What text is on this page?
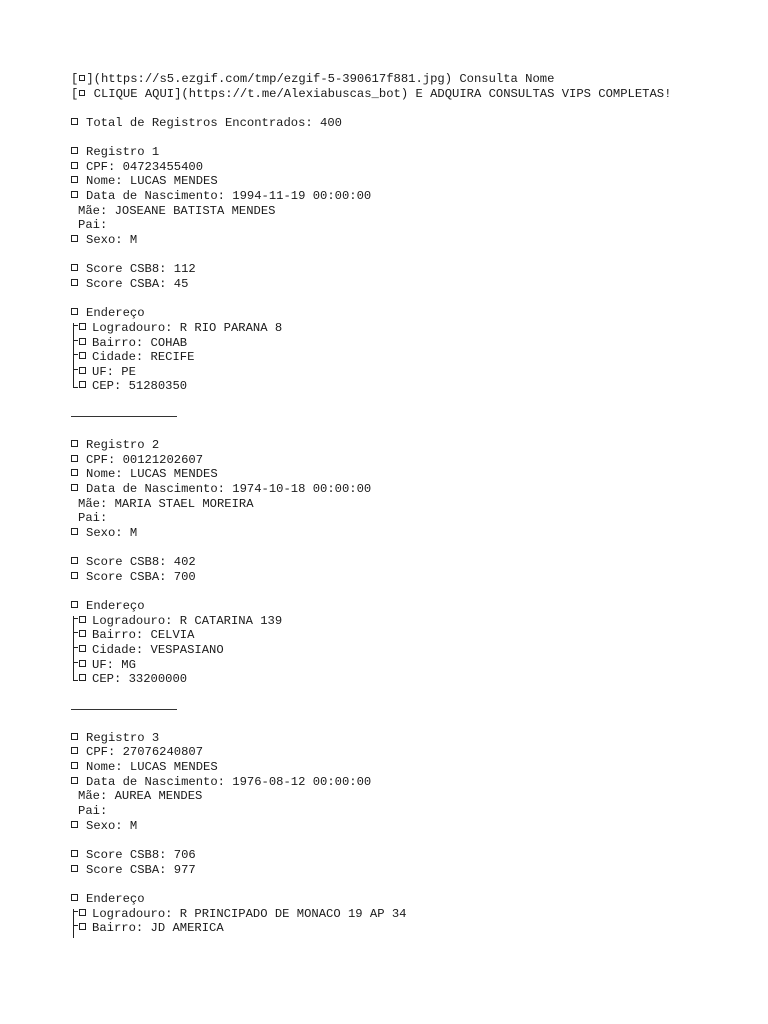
[ ](https://s5.ezgif.com/tmp/ezgif-5-390617f881.jpg) Consulta Nome
[ CLIQUE AQUI](https://t.me/Alexiabuscas_bot) E ADQUIRA CONSULTAS VIPS COMPLETAS!
Total de Registros Encontrados: 400
Registro 1
CPF: 04723455400
Nome: LUCAS MENDES
Data de Nascimento: 1994-11-19 00:00:00
Mãe: JOSEANE BATISTA MENDES
Pai:
Sexo: M
Score CSB8: 112
Score CSBA: 45
Endereço
Logradouro: R RIO PARANA 8
Bairro: COHAB
Cidade: RECIFE
UF: PE
CEP: 51280350
Registro 2
CPF: 00121202607
Nome: LUCAS MENDES
Data de Nascimento: 1974-10-18 00:00:00
Mãe: MARIA STAEL MOREIRA
Pai:
Sexo: M
Score CSB8: 402
Score CSBA: 700
Endereço
Logradouro: R CATARINA 139
Bairro: CELVIA
Cidade: VESPASIANO
UF: MG
CEP: 33200000
Registro 3
CPF: 27076240807
Nome: LUCAS MENDES
Data de Nascimento: 1976-08-12 00:00:00
Mãe: AUREA MENDES
Pai:
Sexo: M
Score CSB8: 706
Score CSBA: 977
Endereço
Logradouro: R PRINCIPADO DE MONACO 19 AP 34
Bairro: JD AMERICA
